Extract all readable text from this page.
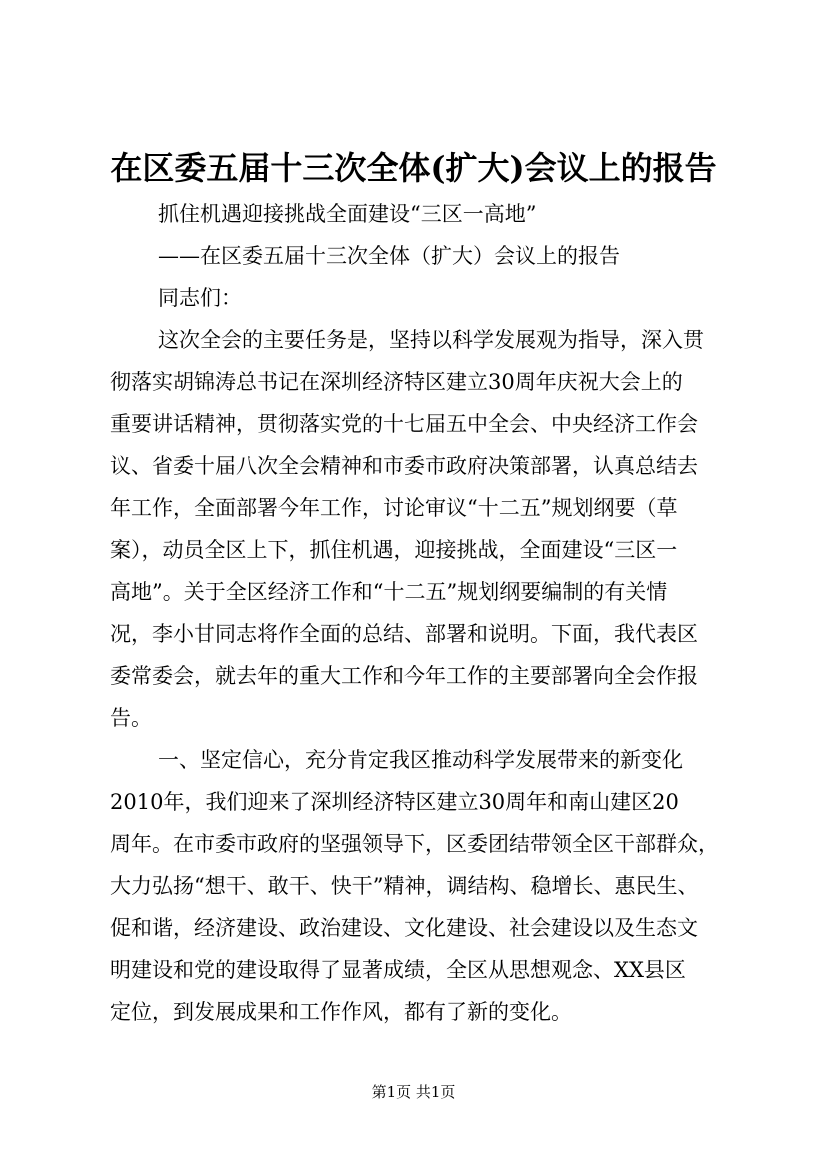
在区委五届十三次全体(扩大)会议上的报告
抓住机遇迎接挑战全面建设“三区一高地”
——在区委五届十三次全体（扩大）会议上的报告
同志们：
这次全会的主要任务是，坚持以科学发展观为指导，深入贯
彻落实胡锦涛总书记在深圳经济特区建立30周年庆祝大会上的
重要讲话精神，贯彻落实党的十七届五中全会、中央经济工作会
议、省委十届八次全会精神和市委市政府决策部署，认真总结去
年工作，全面部署今年工作，讨论审议“十二五”规划纲要（草
案），动员全区上下，抓住机遇，迎接挑战，全面建设“三区一
高地”。关于全区经济工作和“十二五”规划纲要编制的有关情
况，李小甘同志将作全面的总结、部署和说明。下面，我代表区
委常委会，就去年的重大工作和今年工作的主要部署向全会作报
告。
一、坚定信心，充分肯定我区推动科学发展带来的新变化
2010年，我们迎来了深圳经济特区建立30周年和南山建区20
周年。在市委市政府的坚强领导下，区委团结带领全区干部群众，
大力弘扬“想干、敢干、快干”精神，调结构、稳增长、惠民生、
促和谐，经济建设、政治建设、文化建设、社会建设以及生态文
明建设和党的建设取得了显著成绩，全区从思想观念、XX县区
定位，到发展成果和工作作风，都有了新的变化。
第1页 共1页
